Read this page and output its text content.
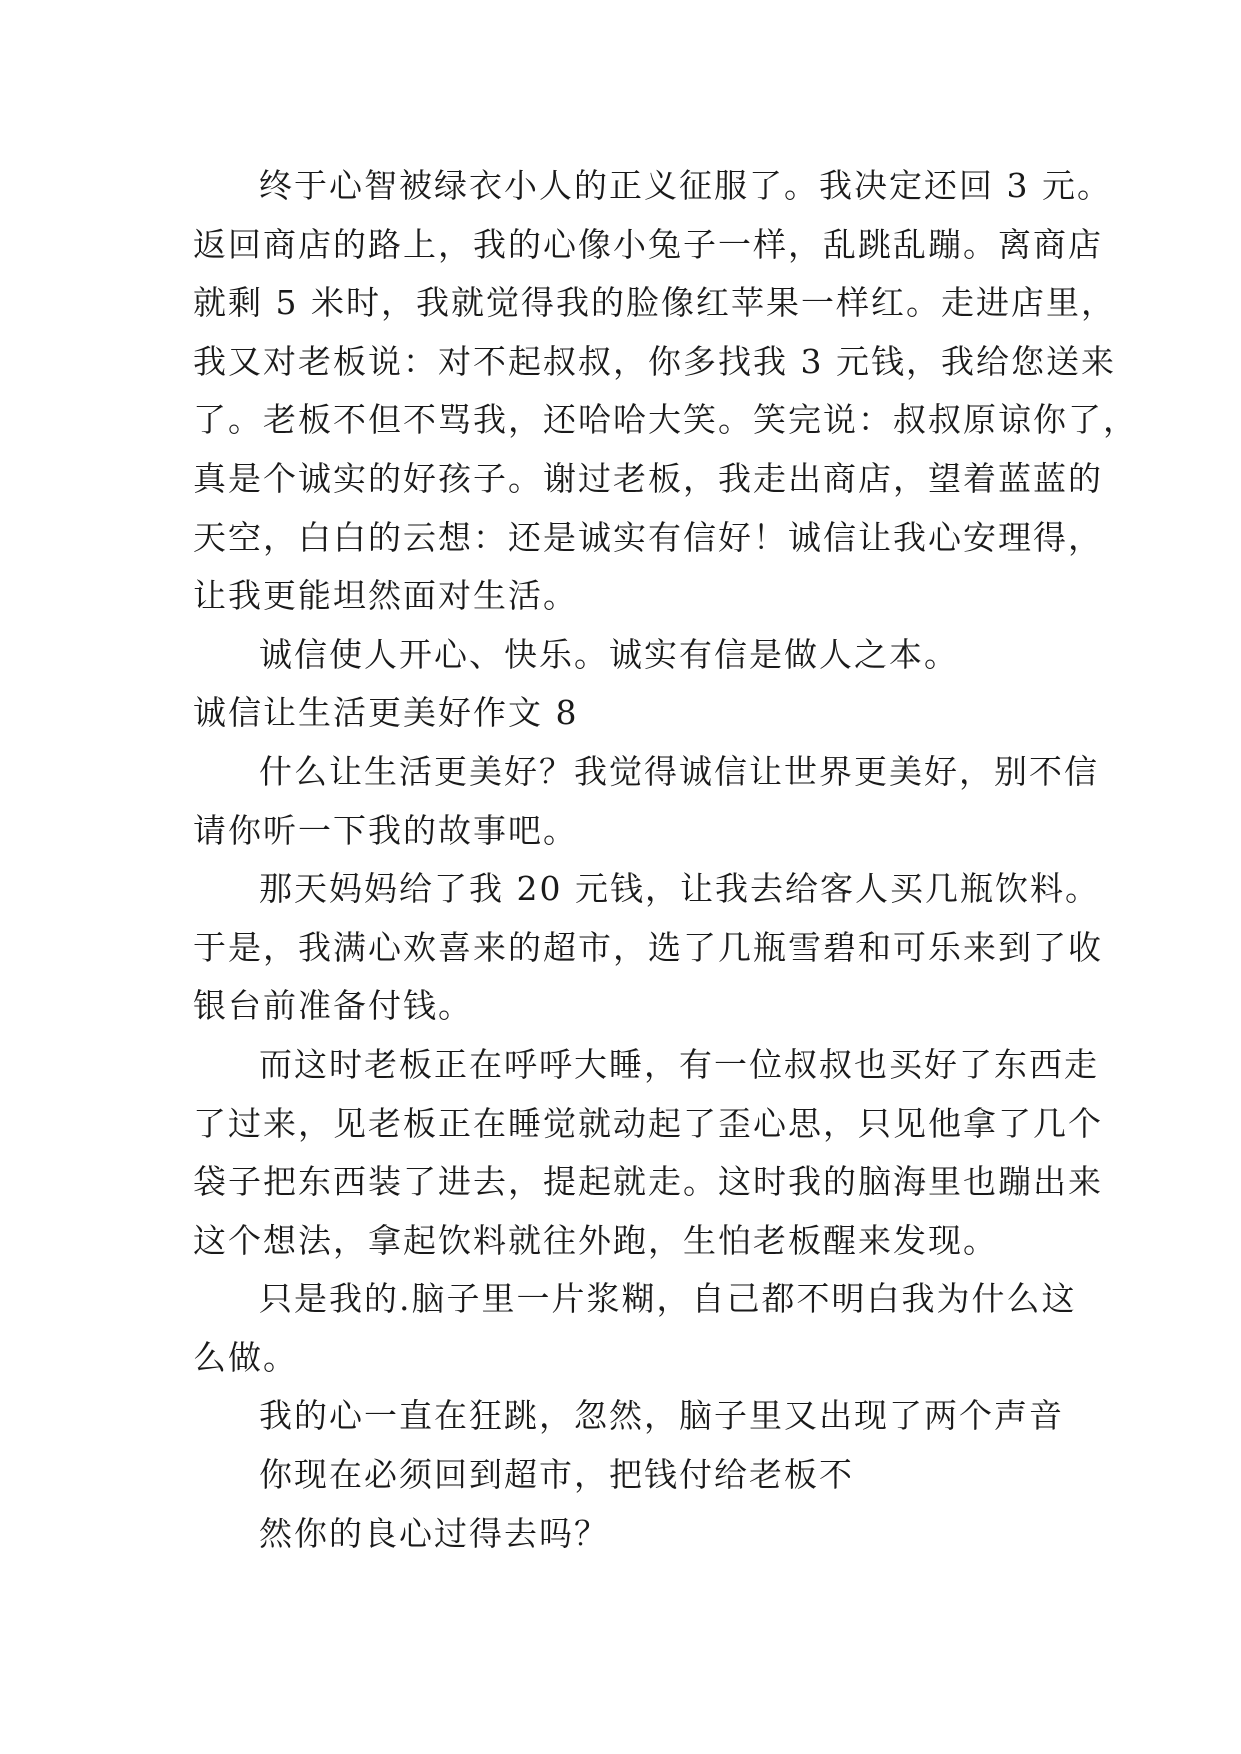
终于心智被绿衣小人的正义征服了。我决定还回 3 元。
返回商店的路上，我的心像小兔子一样，乱跳乱蹦。离商店
就剩 5 米时，我就觉得我的脸像红苹果一样红。走进店里，
我又对老板说：对不起叔叔，你多找我 3 元钱，我给您送来
了。老板不但不骂我，还哈哈大笑。笑完说：叔叔原谅你了，
真是个诚实的好孩子。谢过老板，我走出商店，望着蓝蓝的
天空，白白的云想：还是诚实有信好！诚信让我心安理得，
让我更能坦然面对生活。
诚信使人开心、快乐。诚实有信是做人之本。
诚信让生活更美好作文 8
什么让生活更美好？我觉得诚信让世界更美好，别不信
请你听一下我的故事吧。
那天妈妈给了我 20 元钱，让我去给客人买几瓶饮料。
于是，我满心欢喜来的超市，选了几瓶雪碧和可乐来到了收
银台前准备付钱。
而这时老板正在呼呼大睡，有一位叔叔也买好了东西走
了过来，见老板正在睡觉就动起了歪心思，只见他拿了几个
袋子把东西装了进去，提起就走。这时我的脑海里也蹦出来
这个想法，拿起饮料就往外跑，生怕老板醒来发现。
只是我的.脑子里一片浆糊，自己都不明白我为什么这
么做。
我的心一直在狂跳，忽然，脑子里又出现了两个声音
你现在必须回到超市，把钱付给老板不
然你的良心过得去吗？
